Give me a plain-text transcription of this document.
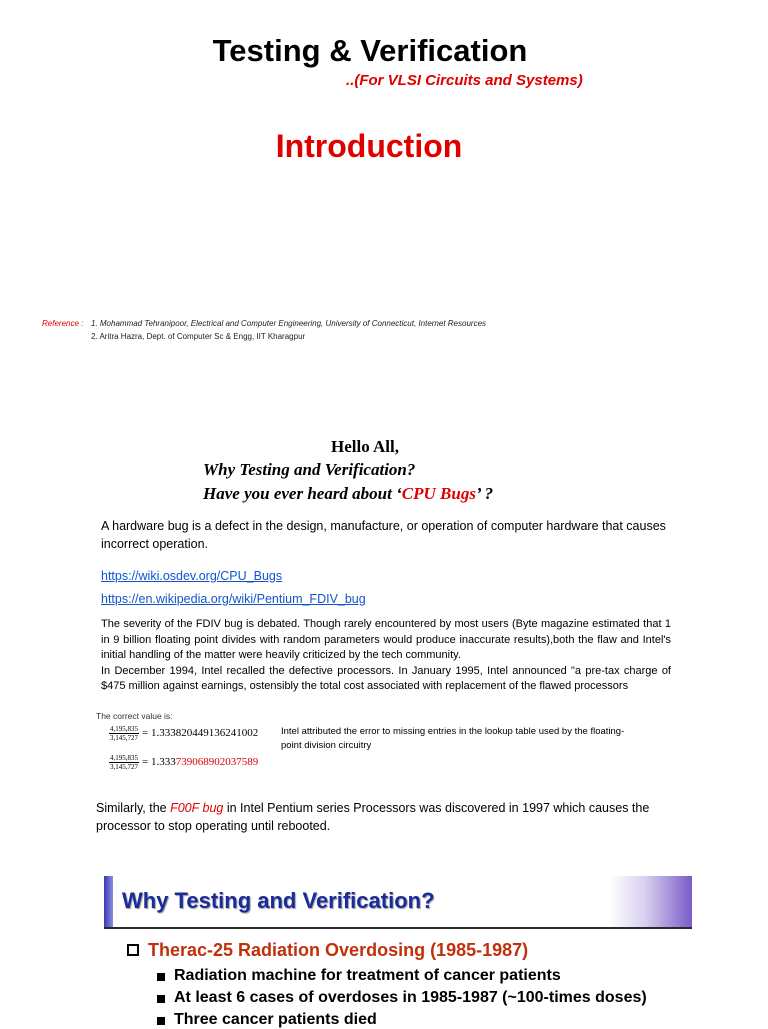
Testing & Verification
..(For VLSI Circuits and Systems)
Introduction
Reference : 1. Mohammad Tehranipoor, Electrical and Computer Engineering, University of Connecticut, Internet Resources
2. Aritra Hazra, Dept. of Computer Sc & Engg, IIT Kharagpur
Hello All,
Why Testing and Verification?
Have you ever heard about ‘CPU Bugs’ ?
A hardware bug is a defect in the design, manufacture, or operation of computer hardware that causes incorrect operation.
https://wiki.osdev.org/CPU_Bugs
https://en.wikipedia.org/wiki/Pentium_FDIV_bug
The severity of the FDIV bug is debated. Though rarely encountered by most users (Byte magazine estimated that 1 in 9 billion floating point divides with random parameters would produce inaccurate results),both the flaw and Intel's initial handling of the matter were heavily criticized by the tech community.
In December 1994, Intel recalled the defective processors. In January 1995, Intel announced "a pre-tax charge of $475 million against earnings, ostensibly the total cost associated with replacement of the flawed processors
The correct value is:
$\frac{4,195,835}{3,145,727} = 1.333820449136241002$
$\frac{4,195,835}{3,145,727} = 1.333739068902037589$
Intel attributed the error to missing entries in the lookup table used by the floating-point division circuitry
Similarly, the F00F bug in Intel Pentium series Processors was discovered in 1997 which causes the processor to stop operating until rebooted.
Why Testing and Verification?
Therac-25 Radiation Overdosing (1985-1987)
Radiation machine for treatment of cancer patients
At least 6 cases of overdoses in 1985-1987 (~100-times doses)
Three cancer patients died
